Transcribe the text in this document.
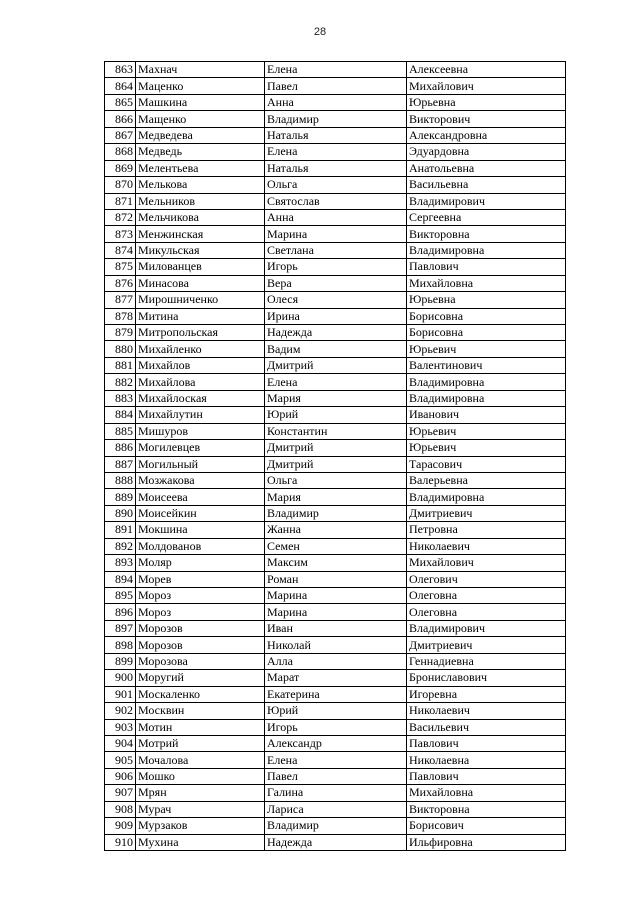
28
863	Махнач	Елена	Алексеевна
864	Маценко	Павел	Михайлович
865	Машкина	Анна	Юрьевна
866	Мащенко	Владимир	Викторович
867	Медведева	Наталья	Александровна
868	Медведь	Елена	Эдуардовна
869	Мелентьева	Наталья	Анатольевна
870	Мелькова	Ольга	Васильевна
871	Мельников	Святослав	Владимирович
872	Мельчикова	Анна	Сергеевна
873	Менжинская	Марина	Викторовна
874	Микульская	Светлана	Владимировна
875	Милованцев	Игорь	Павлович
876	Минасова	Вера	Михайловна
877	Мирошниченко	Олеся	Юрьевна
878	Митина	Ирина	Борисовна
879	Митропольская	Надежда	Борисовна
880	Михайленко	Вадим	Юрьевич
881	Михайлов	Дмитрий	Валентинович
882	Михайлова	Елена	Владимировна
883	Михайлоская	Мария	Владимировна
884	Михайлутин	Юрий	Иванович
885	Мишуров	Константин	Юрьевич
886	Могилевцев	Дмитрий	Юрьевич
887	Могильный	Дмитрий	Тарасович
888	Мозжакова	Ольга	Валерьевна
889	Моисеева	Мария	Владимировна
890	Моисейкин	Владимир	Дмитриевич
891	Мокшина	Жанна	Петровна
892	Молдованов	Семен	Николаевич
893	Моляр	Максим	Михайлович
894	Морев	Роман	Олегович
895	Мороз	Марина	Олеговна
896	Мороз	Марина	Олеговна
897	Морозов	Иван	Владимирович
898	Морозов	Николай	Дмитриевич
899	Морозова	Алла	Геннадиевна
900	Моругий	Марат	Брониславович
901	Москаленко	Екатерина	Игоревна
902	Москвин	Юрий	Николаевич
903	Мотин	Игорь	Васильевич
904	Мотрий	Александр	Павлович
905	Мочалова	Елена	Николаевна
906	Мошко	Павел	Павлович
907	Мрян	Галина	Михайловна
908	Мурач	Лариса	Викторовна
909	Мурзаков	Владимир	Борисович
910	Мухина	Надежда	Ильфировна
